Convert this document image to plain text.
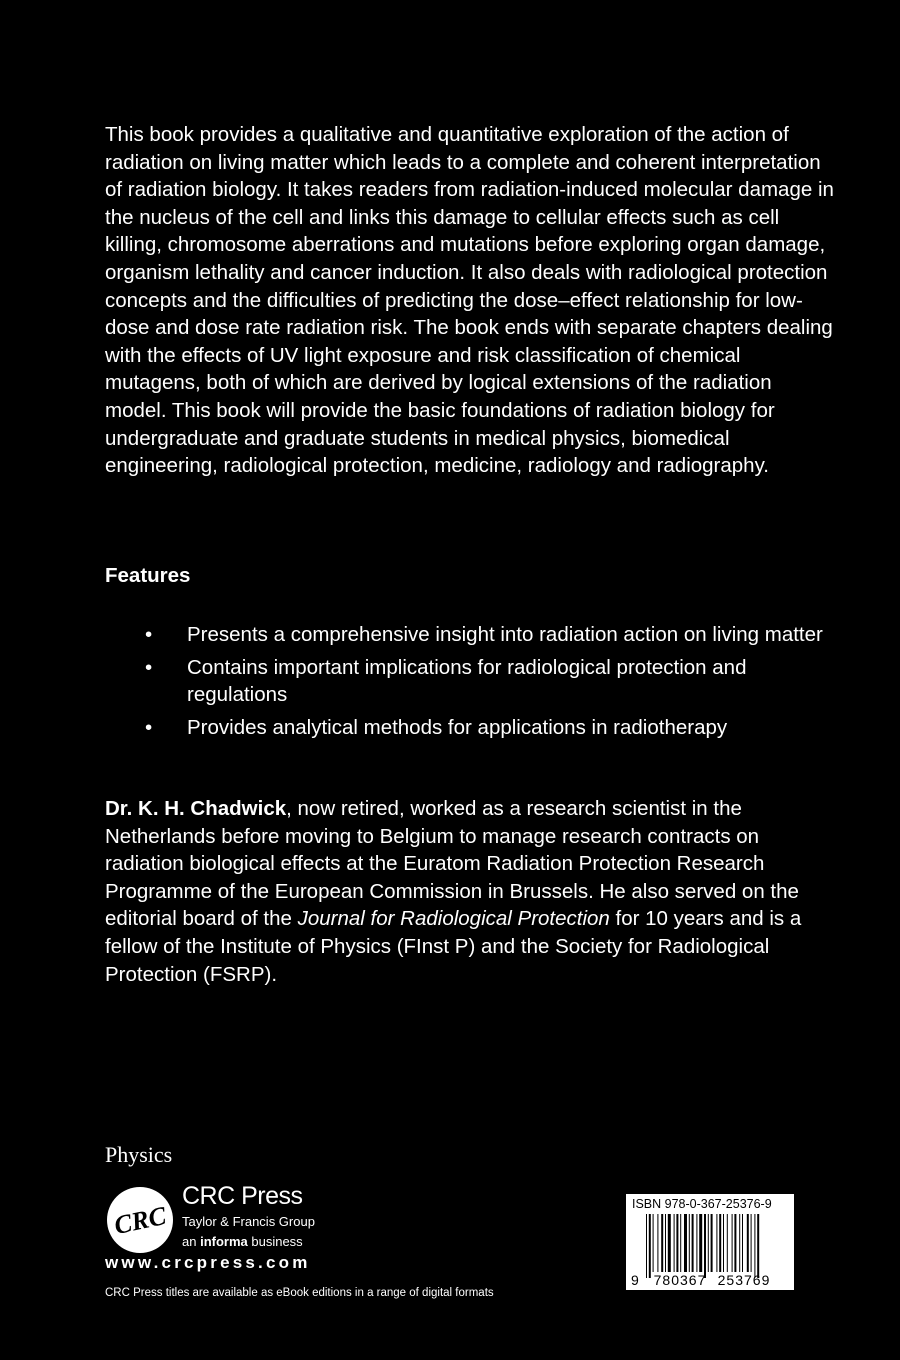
This book provides a qualitative and quantitative exploration of the action of radiation on living matter which leads to a complete and coherent interpretation of radiation biology. It takes readers from radiation-induced molecular damage in the nucleus of the cell and links this damage to cellular effects such as cell killing, chromosome aberrations and mutations before exploring organ damage, organism lethality and cancer induction. It also deals with radiological protection concepts and the difficulties of predicting the dose–effect relationship for low-dose and dose rate radiation risk. The book ends with separate chapters dealing with the effects of UV light exposure and risk classification of chemical mutagens, both of which are derived by logical extensions of the radiation model. This book will provide the basic foundations of radiation biology for undergraduate and graduate students in medical physics, biomedical engineering, radiological protection, medicine, radiology and radiography.

Features
• Presents a comprehensive insight into radiation action on living matter
• Contains important implications for radiological protection and regulations
• Provides analytical methods for applications in radiotherapy

Dr. K. H. Chadwick, now retired, worked as a research scientist in the Netherlands before moving to Belgium to manage research contracts on radiation biological effects at the Euratom Radiation Protection Research Programme of the European Commission in Brussels. He also served on the editorial board of the Journal for Radiological Protection for 10 years and is a fellow of the Institute of Physics (FInst P) and the Society for Radiological Protection (FSRP).

Physics
CRC
CRC Press
Taylor & Francis Group
an informa business
www.crcpress.com
CRC Press titles are available as eBook editions in a range of digital formats
ISBN 978-0-367-25376-9
9 780367 253769
